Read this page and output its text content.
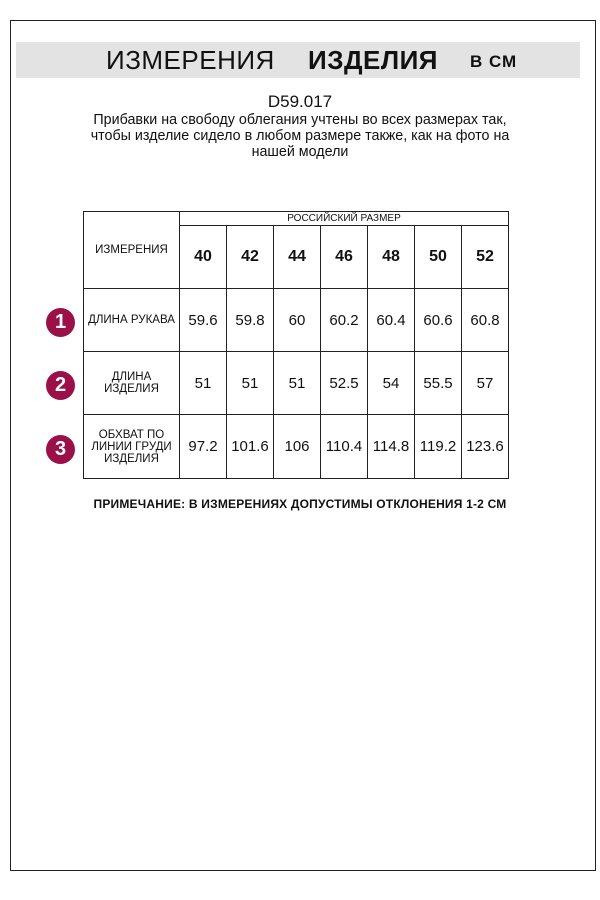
ИЗМЕРЕНИЯ ИЗДЕЛИЯ В СМ
D59.017
Прибавки на свободу облегания учтены во всех размерах так,
чтобы изделие сидело в любом размере также, как на фото на
нашей модели
ИЗМЕРЕНИЯ	РОССИЙСКИЙ РАЗМЕР						
	40	42	44	46	48	50	52
ДЛИНА РУКАВА	59.6	59.8	60	60.2	60.4	60.6	60.8
ДЛИНА ИЗДЕЛИЯ	51	51	51	52.5	54	55.5	57

ОБХВАТ ПО
ЛИНИИ ГРУДИ
ИЗДЕЛИЯ	97.2	101.6	106	110.4	114.8	119.2	123.6
1
2
3
ПРИМЕЧАНИЕ: В ИЗМЕРЕНИЯХ ДОПУСТИМЫ ОТКЛОНЕНИЯ 1-2 СМ
